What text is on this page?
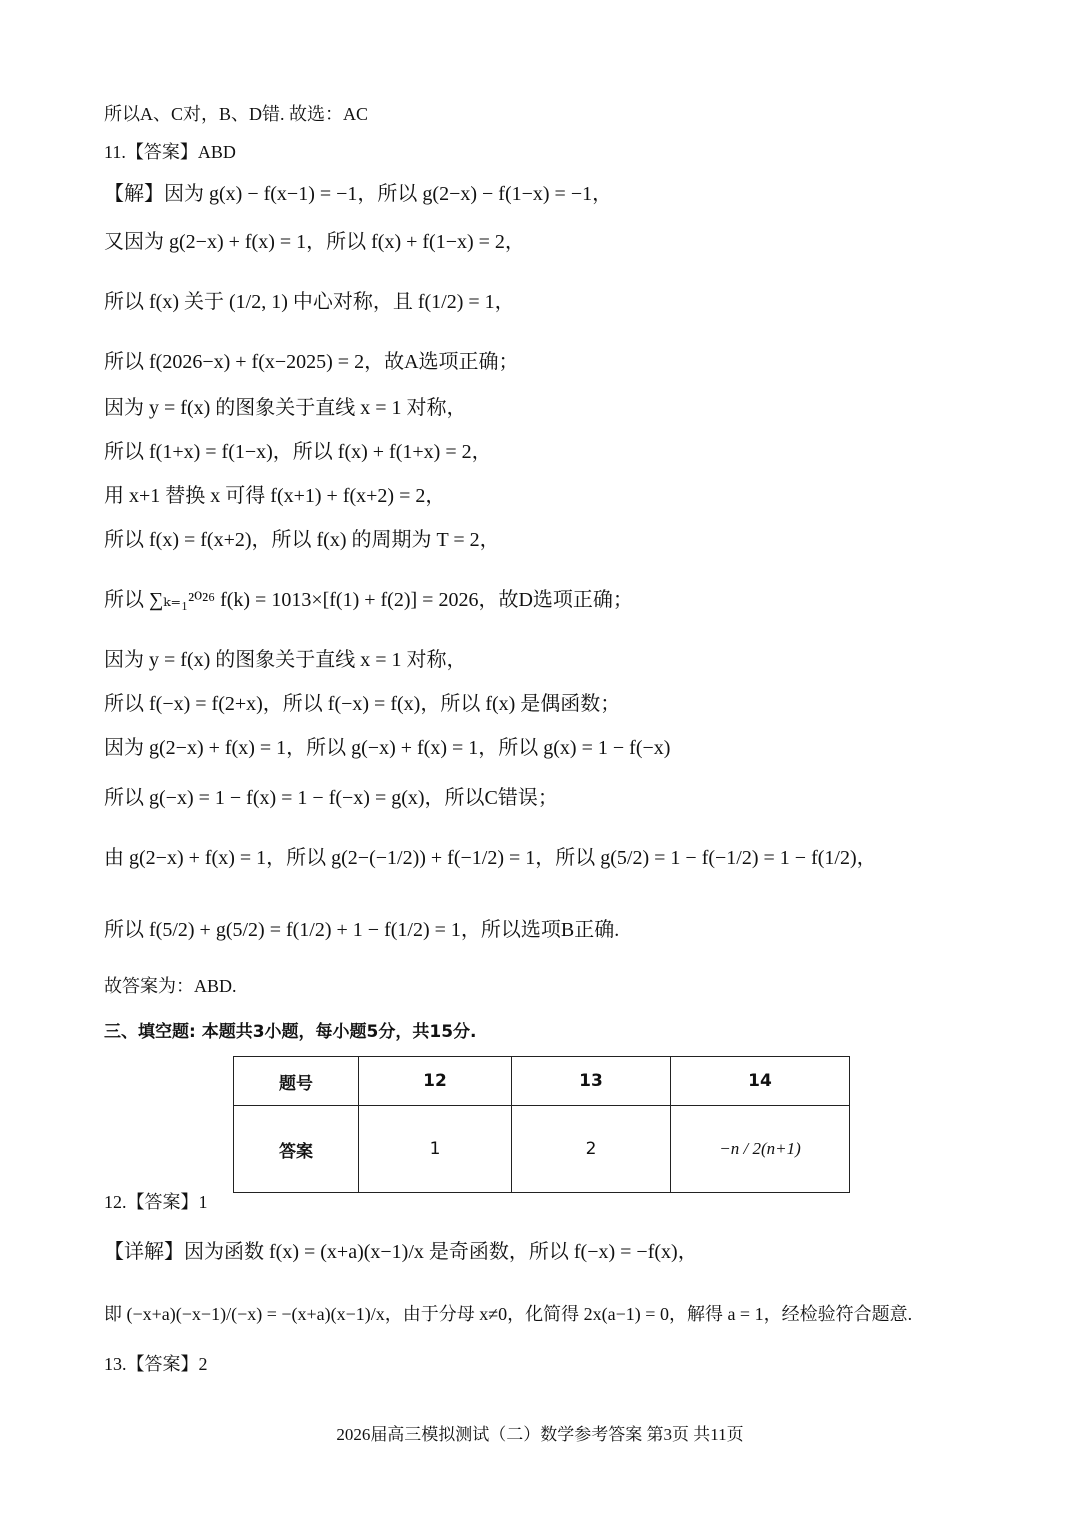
所以A、C对，B、D错. 故选：AC
11.【答案】ABD
【解】因为 g(x) − f(x−1) = −1，所以 g(2−x) − f(1−x) = −1，
又因为 g(2−x) + f(x) = 1，所以 f(x) + f(1−x) = 2，
所以 f(x) 关于 (1/2, 1) 中心对称，且 f(1/2) = 1，
所以 f(2026−x) + f(x−2025) = 2，故A选项正确；
因为 y = f(x) 的图象关于直线 x = 1 对称，
所以 f(1+x) = f(1−x)，所以 f(x) + f(1+x) = 2，
用 x+1 替换 x 可得 f(x+1) + f(x+2) = 2，
所以 f(x) = f(x+2)，所以 f(x) 的周期为 T = 2，
所以 ∑ₖ₌₁²⁰²⁶ f(k) = 1013×[f(1) + f(2)] = 2026，故D选项正确；
因为 y = f(x) 的图象关于直线 x = 1 对称，
所以 f(−x) = f(2+x)，所以 f(−x) = f(x)，所以 f(x) 是偶函数；
因为 g(2−x) + f(x) = 1，所以 g(−x) + f(x) = 1，所以 g(x) = 1 − f(−x)
所以 g(−x) = 1 − f(x) = 1 − f(−x) = g(x)，所以C错误；
由 g(2−x) + f(x) = 1，所以 g(2−(−1/2)) + f(−1/2) = 1，所以 g(5/2) = 1 − f(−1/2) = 1 − f(1/2)，
所以 f(5/2) + g(5/2) = f(1/2) + 1 − f(1/2) = 1，所以选项B正确.
故答案为：ABD.
三、填空题: 本题共3小题，每小题5分，共15分.
题号	12	13	14
答案	1	2	−n / 2(n+1)
12.【答案】1
【详解】因为函数 f(x) = (x+a)(x−1)/x 是奇函数，所以 f(−x) = −f(x)，
即 (−x+a)(−x−1)/(−x) = −(x+a)(x−1)/x，由于分母 x≠0，化简得 2x(a−1) = 0，解得 a = 1，经检验符合题意.
13.【答案】2
2026届高三模拟测试（二）数学参考答案 第3页 共11页
